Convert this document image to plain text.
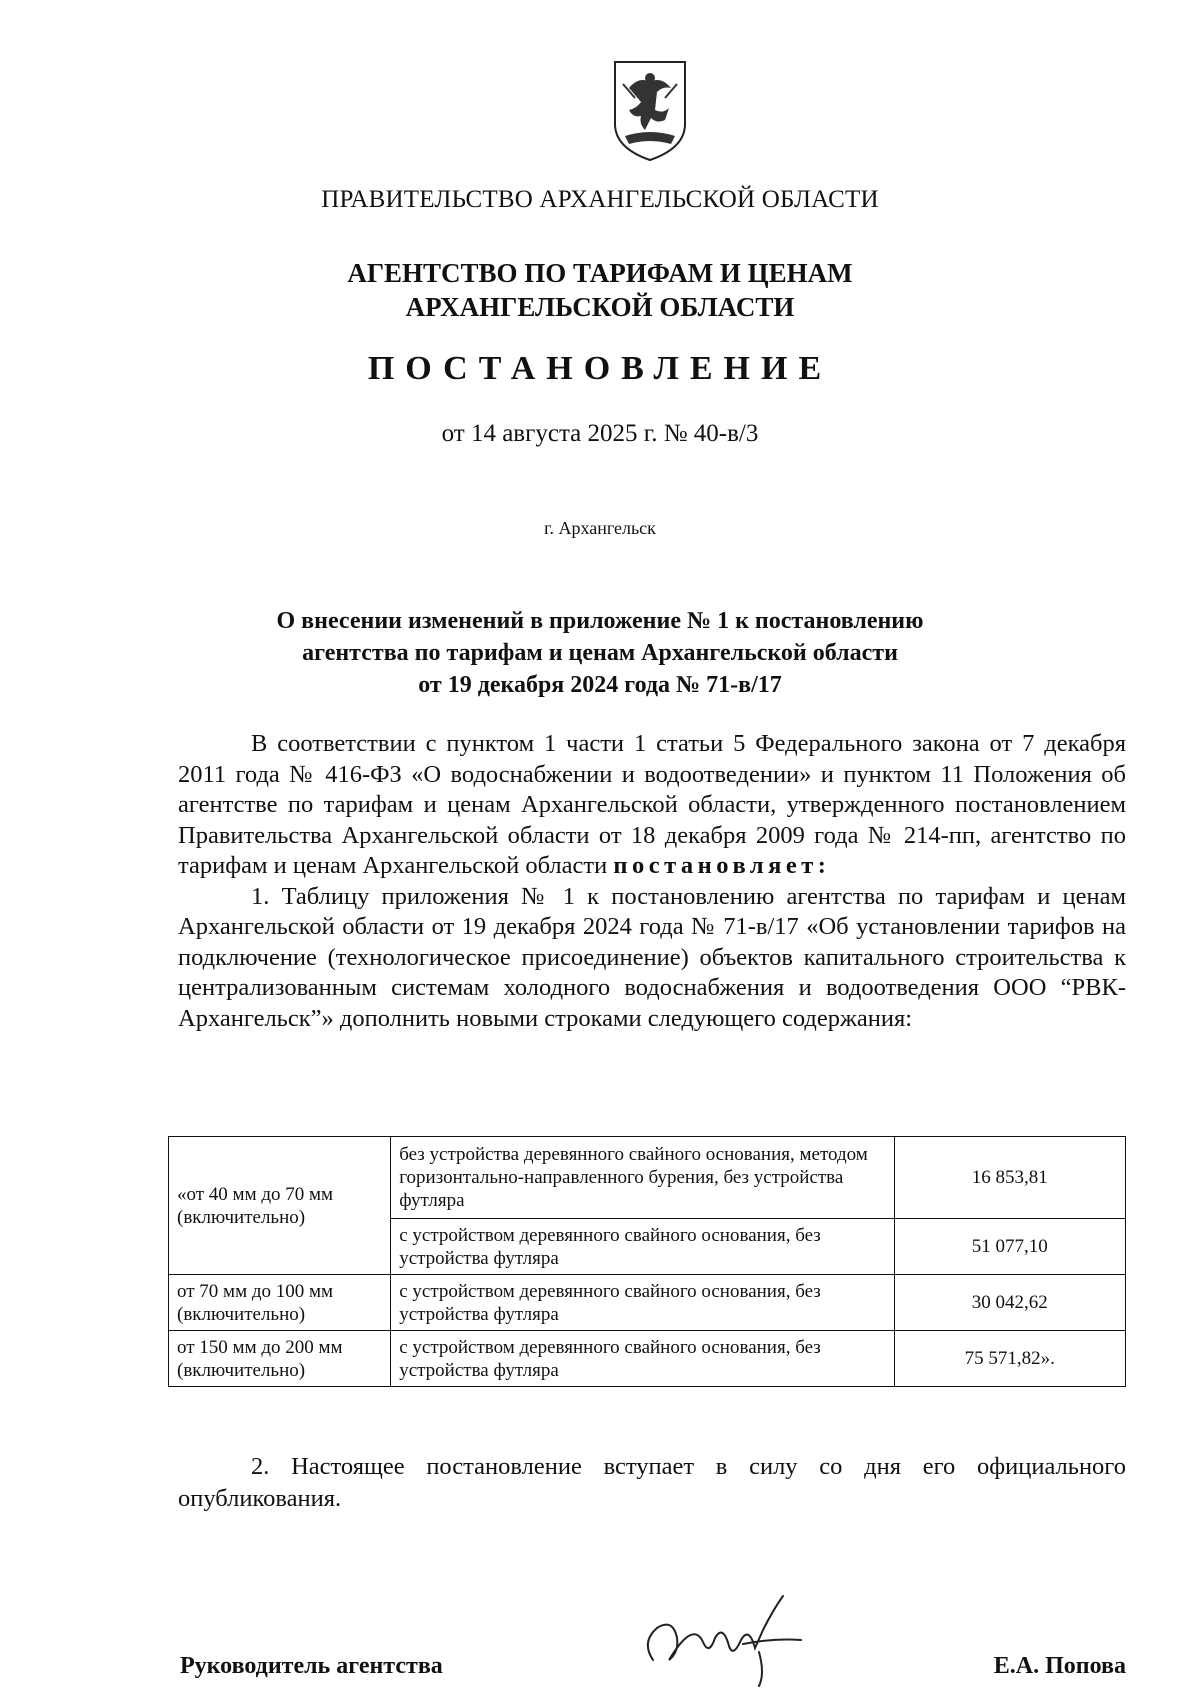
ПРАВИТЕЛЬСТВО АРХАНГЕЛЬСКОЙ ОБЛАСТИ
АГЕНТСТВО ПО ТАРИФАМ И ЦЕНАМ
АРХАНГЕЛЬСКОЙ ОБЛАСТИ
ПОСТАНОВЛЕНИЕ
от 14 августа 2025 г. № 40-в/3
г. Архангельск
О внесении изменений в приложение № 1 к постановлению
агентства по тарифам и ценам Архангельской области
от 19 декабря 2024 года № 71-в/17

В соответствии с пунктом 1 части 1 статьи 5 Федерального закона от 7 декабря 2011 года № 416-ФЗ «О водоснабжении и водоотведении» и пунктом 11 Положения об агентстве по тарифам и ценам Архангельской области, утвержденного постановлением Правительства Архангельской области от 18 декабря 2009 года № 214-пп, агентство по тарифам и ценам Архангельской области постановляет:

1. Таблицу приложения № 1 к постановлению агентства по тарифам и ценам Архангельской области от 19 декабря 2024 года № 71-в/17 «Об установлении тарифов на подключение (технологическое присоединение) объектов капитального строительства к централизованным системам холодного водоснабжения и водоотведения ООО “РВК-Архангельск”» дополнить новыми строками следующего содержания:

«от 40 мм до 70 мм (включительно)	без устройства деревянного свайного основания, методом горизонтально-направленного бурения, без устройства футляра	16 853,81
	с устройством деревянного свайного основания, без устройства футляра	51 077,10
от 70 мм до 100 мм (включительно)	с устройством деревянного свайного основания, без устройства футляра	30 042,62
от 150 мм до 200 мм (включительно)	с устройством деревянного свайного основания, без устройства футляра	75 571,82».

2. Настоящее постановление вступает в силу со дня его официального опубликования.

Руководитель агентства	Е.А. Попова
